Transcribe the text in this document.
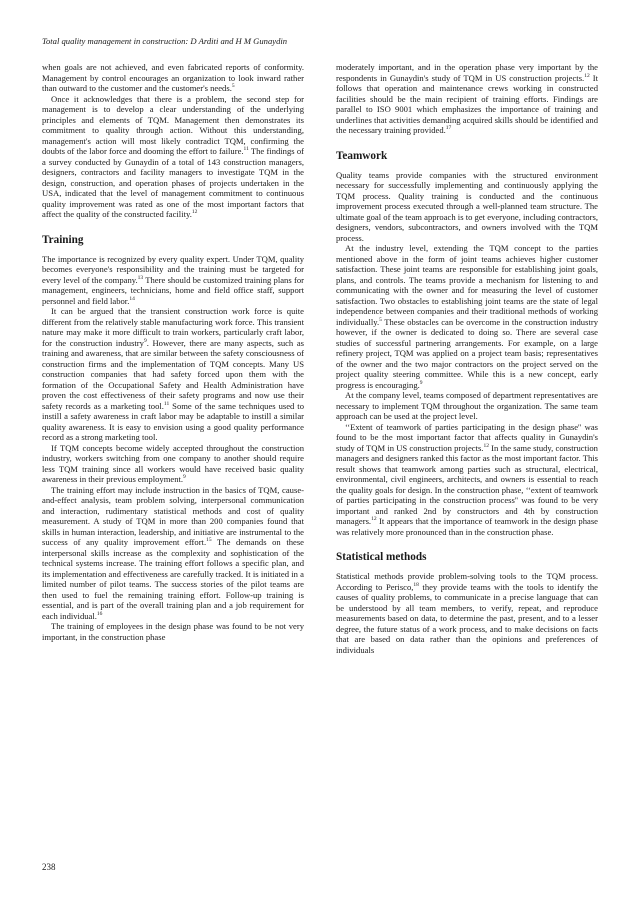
Total quality management in construction: D Arditi and H M Gunaydin

when goals are not achieved, and even fabricated reports of conformity. Management by control encourages an organization to look inward rather than outward to the customer and the customer's needs.$^5$

Once it acknowledges that there is a problem, the second step for management is to develop a clear understanding of the underlying principles and elements of TQM. Management then demonstrates its commitment to quality through action. Without this understanding, management's action will most likely contradict TQM, confirming the doubts of the labor force and dooming the effort to failure.$^{11}$ The findings of a survey conducted by Gunaydin of a total of 143 construction managers, designers, contractors and facility managers to investigate TQM in the design, construction, and operation phases of projects undertaken in the USA, indicated that the level of management commitment to continuous quality improvement was rated as one of the most important factors that affect the quality of the constructed facility.$^{12}$

Training

The importance is recognized by every quality expert. Under TQM, quality becomes everyone's responsibility and the training must be targeted for every level of the company.$^{13}$ There should be customized training plans for management, engineers, technicians, home and field office staff, support personnel and field labor.$^{14}$

It can be argued that the transient construction work force is quite different from the relatively stable manufacturing work force. This transient nature may make it more difficult to train workers, particularly craft labor, for the construction industry$^9$. However, there are many aspects, such as training and awareness, that are similar between the safety consciousness of construction firms and the implementation of TQM concepts. Many US construction companies that had safety forced upon them with the formation of the Occupational Safety and Health Administration have proven the cost effectiveness of their safety programs and now use their safety records as a marketing tool.$^{11}$ Some of the same techniques used to instill a safety awareness in craft labor may be adaptable to instill a similar quality awareness. It is easy to envision using a good quality performance record as a strong marketing tool.

If TQM concepts become widely accepted throughout the construction industry, workers switching from one company to another should require less TQM training since all workers would have received basic quality awareness in their previous employment.$^9$

The training effort may include instruction in the basics of TQM, cause-and-effect analysis, team problem solving, interpersonal communication and interaction, rudimentary statistical methods and cost of quality measurement. A study of TQM in more than 200 companies found that skills in human interaction, leadership, and initiative are instrumental to the success of any quality improvement effort.$^{15}$ The demands on these interpersonal skills increase as the complexity and sophistication of the technical systems increase. The training effort follows a specific plan, and its implementation and effectiveness are carefully tracked. It is initiated in a limited number of pilot teams. The success stories of the pilot teams are then used to fuel the remaining training effort. Follow-up training is essential, and is part of the overall training plan and a job requirement for each individual.$^{16}$

The training of employees in the design phase was found to be not very important, in the construction phase

moderately important, and in the operation phase very important by the respondents in Gunaydin's study of TQM in US construction projects.$^{12}$ It follows that operation and maintenance crews working in constructed facilities should be the main recipient of training efforts. Findings are parallel to ISO 9001 which emphasizes the importance of training and underlines that activities demanding acquired skills should be identified and the necessary training provided.$^{17}$

Teamwork

Quality teams provide companies with the structured environment necessary for successfully implementing and continuously applying the TQM process. Quality training is conducted and the continuous improvement process executed through a well-planned team structure. The ultimate goal of the team approach is to get everyone, including contractors, designers, vendors, subcontractors, and owners involved with the TQM process.

At the industry level, extending the TQM concept to the parties mentioned above in the form of joint teams achieves higher customer satisfaction. These joint teams are responsible for establishing joint goals, plans, and controls. The teams provide a mechanism for listening to and communicating with the owner and for measuring the level of customer satisfaction. Two obstacles to establishing joint teams are the state of legal independence between companies and their traditional methods of working individually.$^5$ These obstacles can be overcome in the construction industry however, if the owner is dedicated to doing so. There are several case studies of successful partnering arrangements. For example, on a large refinery project, TQM was applied on a project team basis; representatives of the owner and the two major contractors on the project served on the project quality steering committee. While this is a new concept, early progress is encouraging.$^9$

At the company level, teams composed of department representatives are necessary to implement TQM throughout the organization. The same team approach can be used at the project level.

‘‘Extent of teamwork of parties participating in the design phase'' was found to be the most important factor that affects quality in Gunaydin's study of TQM in US construction projects.$^{12}$ In the same study, construction managers and designers ranked this factor as the most important factor. This result shows that teamwork among parties such as structural, electrical, environmental, civil engineers, architects, and owners is essential to reach the quality goals for design. In the construction phase, ‘‘extent of teamwork of parties participating in the construction process'' was found to be very important and ranked 2nd by constructors and 4th by construction managers.$^{12}$ It appears that the importance of teamwork in the design phase was relatively more pronounced than in the construction phase.

Statistical methods

Statistical methods provide problem-solving tools to the TQM process. According to Perisco,$^{18}$ they provide teams with the tools to identify the causes of quality problems, to communicate in a precise language that can be understood by all team members, to verify, repeat, and reproduce measurements based on data, to determine the past, present, and to a lesser degree, the future status of a work process, and to make decisions on facts that are based on data rather than the opinions and preferences of individuals

238
